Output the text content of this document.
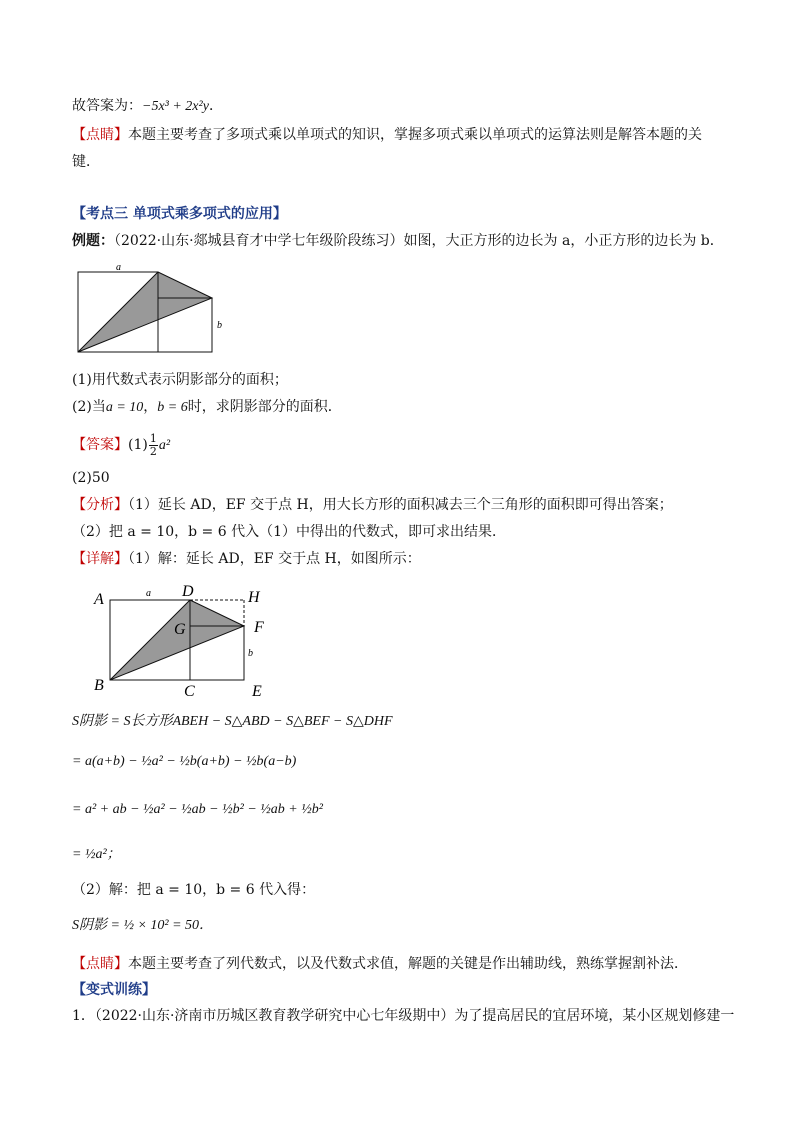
故答案为：−5x³ + 2x²y．
【点睛】本题主要考查了多项式乘以单项式的知识，掌握多项式乘以单项式的运算法则是解答本题的关
键．
【考点三 单项式乘多项式的应用】
例题：（2022·山东·郯城县育才中学七年级阶段练习）如图，大正方形的边长为 a，小正方形的边长为 b．
a
b
(1)用代数式表示阴影部分的面积；
(2)当a = 10，b = 6时，求阴影部分的面积．
【答案】$(1) \frac{1}{2} a^2$
(2)50
【分析】（1）延长 AD，EF 交于点 H，用大长方形的面积减去三个三角形的面积即可得出答案；
（2）把 a = 10，b = 6 代入（1）中得出的代数式，即可求出结果．
【详解】（1）解：延长 AD，EF 交于点 H，如图所示：
A	D	H
G	F
B	C	E
a
b
S阴影 = S长方形ABEH − S△ABD − S△BEF − S△DHF
= a(a+b) − ½a² − ½b(a+b) − ½b(a−b)
= a² + ab − ½a² − ½ab − ½b² − ½ab + ½b²
= ½a²；
（2）解：把 a = 10，b = 6 代入得：
S阴影 = ½ × 10² = 50．
【点睛】本题主要考查了列代数式，以及代数式求值，解题的关键是作出辅助线，熟练掌握割补法．
【变式训练】
1．（2022·山东·济南市历城区教育教学研究中心七年级期中）为了提高居民的宜居环境，某小区规划修建一
